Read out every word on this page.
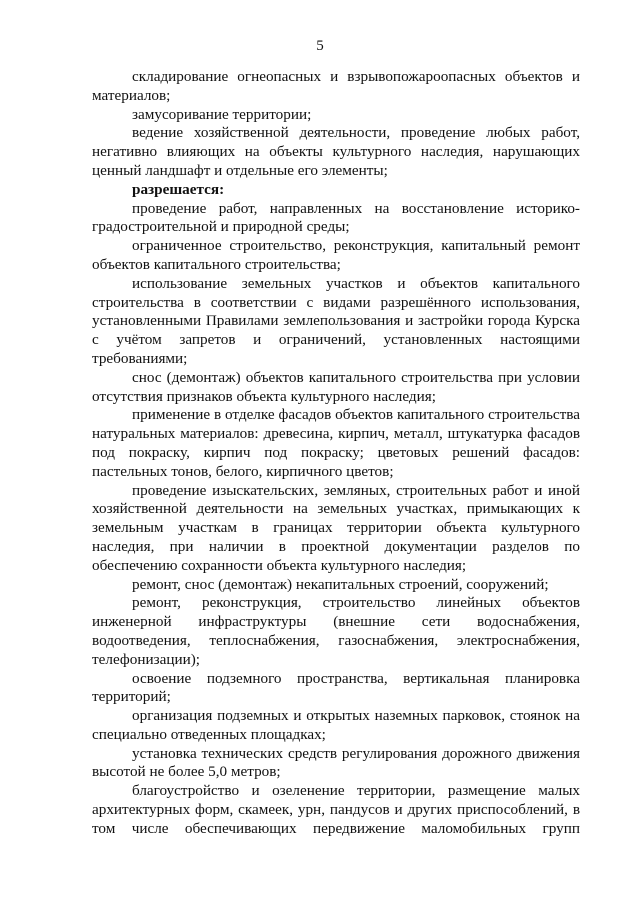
5

складирование огнеопасных и взрывопожароопасных объектов и материалов;

замусоривание территории;

ведение хозяйственной деятельности, проведение любых работ, негативно влияющих на объекты культурного наследия, нарушающих ценный ландшафт и отдельные его элементы;

разрешается:

проведение работ, направленных на восстановление историко-градостроительной и природной среды;

ограниченное строительство, реконструкция, капитальный ремонт объектов капитального строительства;

использование земельных участков и объектов капитального строительства в соответствии с видами разрешённого использования, установленными Правилами землепользования и застройки города Курска с учётом запретов и ограничений, установленных настоящими требованиями;

снос (демонтаж) объектов капитального строительства при условии отсутствия признаков объекта культурного наследия;

применение в отделке фасадов объектов капитального строительства натуральных материалов: древесина, кирпич, металл, штукатурка фасадов под покраску, кирпич под покраску; цветовых решений фасадов: пастельных тонов, белого, кирпичного цветов;

проведение изыскательских, земляных, строительных работ и иной хозяйственной деятельности на земельных участках, примыкающих к земельным участкам в границах территории объекта культурного наследия, при наличии в проектной документации разделов по обеспечению сохранности объекта культурного наследия;

ремонт, снос (демонтаж) некапитальных строений, сооружений;

ремонт, реконструкция, строительство линейных объектов инженерной инфраструктуры (внешние сети водоснабжения, водоотведения, теплоснабжения, газоснабжения, электроснабжения, телефонизации);

освоение подземного пространства, вертикальная планировка территорий;

организация подземных и открытых наземных парковок, стоянок на специально отведенных площадках;

установка технических средств регулирования дорожного движения высотой не более 5,0 метров;

благоустройство и озеленение территории, размещение малых архитектурных форм, скамеек, урн, пандусов и других приспособлений, в том числе обеспечивающих передвижение маломобильных групп
